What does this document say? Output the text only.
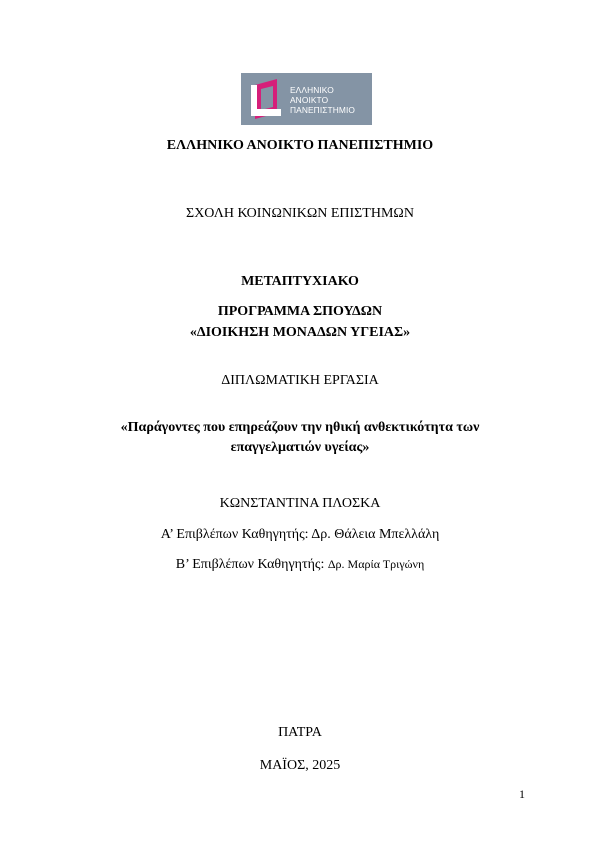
ΕΛΛΗΝΙΚΟ
ΑΝΟΙΚΤΟ
ΠΑΝΕΠΙΣΤΗΜΙΟ
ΕΛΛΗΝΙΚΟ ΑΝΟΙΚΤΟ ΠΑΝΕΠΙΣΤΗΜΙΟ
ΣΧΟΛΗ ΚΟΙΝΩΝΙΚΩΝ ΕΠΙΣΤΗΜΩΝ
ΜΕΤΑΠΤΥΧΙΑΚΟ
ΠΡΟΓΡΑΜΜΑ ΣΠΟΥΔΩΝ
«ΔΙΟΙΚΗΣΗ ΜΟΝΑΔΩΝ ΥΓΕΙΑΣ»
ΔΙΠΛΩΜΑΤΙΚΗ ΕΡΓΑΣΙΑ
«Παράγοντες που επηρεάζουν την ηθική ανθεκτικότητα των
επαγγελματιών υγείας»
ΚΩΝΣΤΑΝΤΙΝΑ ΠΛΟΣΚΑ
Α’ Επιβλέπων Καθηγητής: Δρ. Θάλεια Μπελλάλη
Β’ Επιβλέπων Καθηγητής: Δρ. Μαρία Τριγώνη
ΠΑΤΡΑ
ΜΑΪΟΣ, 2025
1
